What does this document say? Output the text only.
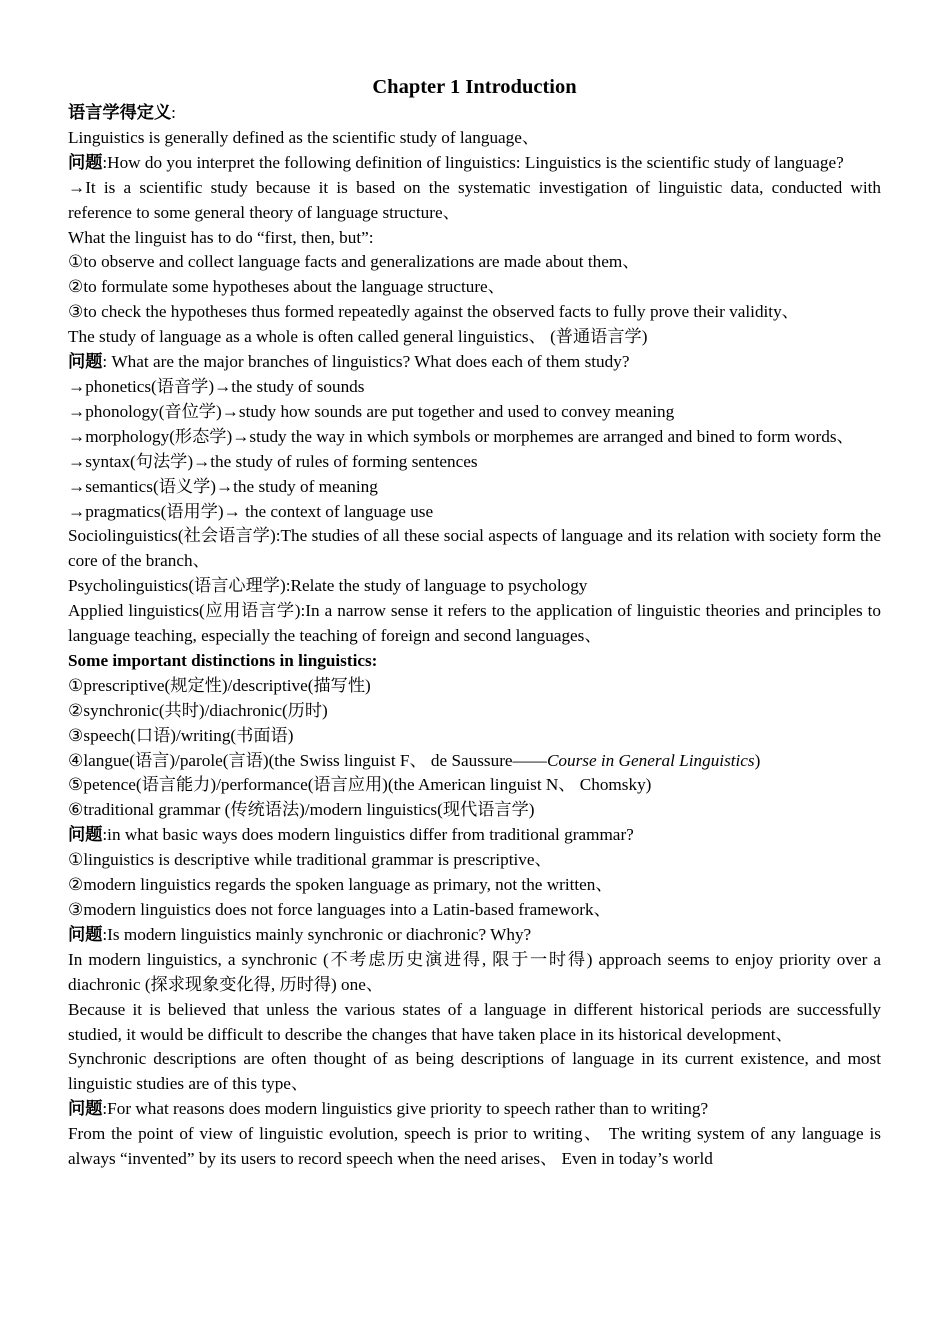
Chapter 1 Introduction

语言学得定义:

Linguistics is generally defined as the scientific study of language、

问题:How do you interpret the following definition of linguistics: Linguistics is the scientific study of language?

→It is a scientific study because it is based on the systematic investigation of linguistic data, conducted with reference to some general theory of language structure、

What the linguist has to do “first, then, but”:

①to observe and collect language facts and generalizations are made about them、

②to formulate some hypotheses about the language structure、

③to check the hypotheses thus formed repeatedly against the observed facts to fully prove their validity、

The study of language as a whole is often called general linguistics、 (普通语言学)

问题: What are the major branches of linguistics? What does each of them study?

→phonetics(语音学)→the study of sounds

→phonology(音位学)→study how sounds are put together and used to convey meaning

→morphology(形态学)→study the way in which symbols or morphemes are arranged and bined to form words、

→syntax(句法学)→the study of rules of forming sentences

→semantics(语义学)→the study of meaning

→pragmatics(语用学)→ the context of language use

Sociolinguistics(社会语言学):The studies of all these social aspects of language and its relation with society form the core of the branch、

Psycholinguistics(语言心理学):Relate the study of language to psychology

Applied linguistics(应用语言学):In a narrow sense it refers to the application of linguistic theories and principles to language teaching, especially the teaching of foreign and second languages、

Some important distinctions in linguistics:

①prescriptive(规定性)/descriptive(描写性)

②synchronic(共时)/diachronic(历时)

③speech(口语)/writing(书面语)

④langue(语言)/parole(言语)(the Swiss linguist F、 de Saussure——Course in General Linguistics)

⑤petence(语言能力)/performance(语言应用)(the American linguist N、 Chomsky)

⑥traditional grammar (传统语法)/modern linguistics(现代语言学)

问题:in what basic ways does modern linguistics differ from traditional grammar?

①linguistics is descriptive while traditional grammar is prescriptive、

②modern linguistics regards the spoken language as primary, not the written、

③modern linguistics does not force languages into a Latin-based framework、

问题:Is modern linguistics mainly synchronic or diachronic? Why?

In modern linguistics, a synchronic (不考虑历史演进得, 限于一时得) approach seems to enjoy priority over a diachronic (探求现象变化得, 历时得) one、

Because it is believed that unless the various states of a language in different historical periods are successfully studied, it would be difficult to describe the changes that have taken place in its historical development、

Synchronic descriptions are often thought of as being descriptions of language in its current existence, and most linguistic studies are of this type、

问题:For what reasons does modern linguistics give priority to speech rather than to writing?

From the point of view of linguistic evolution, speech is prior to writing、 The writing system of any language is always “invented” by its users to record speech when the need arises、 Even in today’s world
